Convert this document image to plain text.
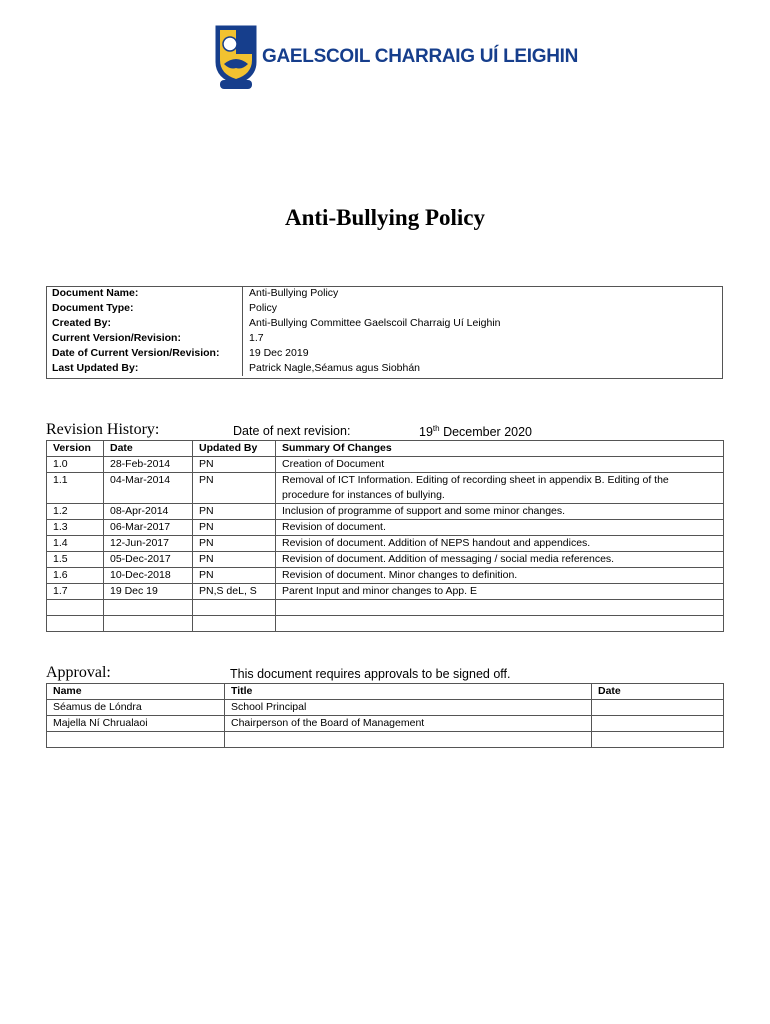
GAELSCOIL CHARRAIG UÍ LEIGHIN
Anti-Bullying Policy
Document Name:	Anti-Bullying Policy
Document Type:	Policy
Created By:	Anti-Bullying Committee Gaelscoil Charraig Uí Leighin
Current Version/Revision:	1.7
Date of Current Version/Revision:	19 Dec 2019
Last Updated By:	Patrick Nagle,Séamus agus Siobhán
Revision History:	Date of next revision:	19th December 2020
Version	Date	Updated By	Summary Of Changes
1.0	28-Feb-2014	PN	Creation of Document
1.1	04-Mar-2014	PN	Removal of ICT Information. Editing of recording sheet in appendix B. Editing of the procedure for instances of bullying.
1.2	08-Apr-2014	PN	Inclusion of programme of support and some minor changes.
1.3	06-Mar-2017	PN	Revision of document.
1.4	12-Jun-2017	PN	Revision of document. Addition of NEPS handout and appendices.
1.5	05-Dec-2017	PN	Revision of document. Addition of messaging / social media references.
1.6	10-Dec-2018	PN	Revision of document. Minor changes to definition.
1.7	19 Dec 19	PN,S deL, S	Parent Input and minor changes to App. E

Approval:	This document requires approvals to be signed off.
Name	Title	Date
Séamus de Lóndra	School Principal	
Majella Ní Chrualaoi	Chairperson of the Board of Management	
